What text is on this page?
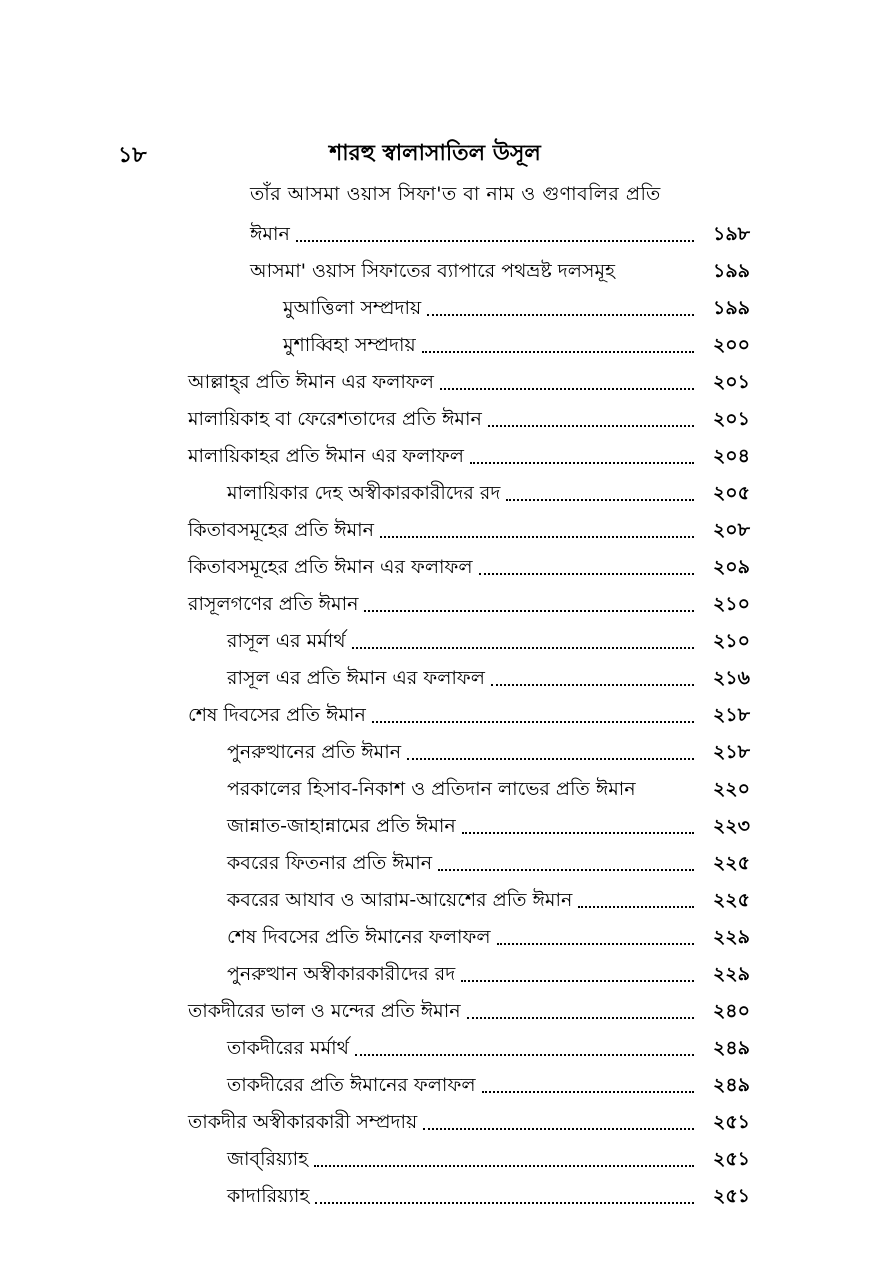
১৮	শারহু স্বালাসাতিল উসূল
তাঁর আসমা ওয়াস সিফা'ত বা নাম ও গুণাবলির প্রতি
ঈমান	১৯৮
আসমা' ওয়াস সিফাতের ব্যাপারে পথভ্রষ্ট দলসমূহ	১৯৯
মুআত্তিলা সম্প্রদায়	১৯৯
মুশাব্বিহা সম্প্রদায়	২০০
আল্লাহ্‌র প্রতি ঈমান এর ফলাফল	২০১
মালায়িকাহ বা ফেরেশতাদের প্রতি ঈমান	২০১
মালায়িকাহর প্রতি ঈমান এর ফলাফল	২০৪
মালায়িকার দেহ অস্বীকারকারীদের রদ	২০৫
কিতাবসমূহের প্রতি ঈমান	২০৮
কিতাবসমূহের প্রতি ঈমান এর ফলাফল	২০৯
রাসূলগণের প্রতি ঈমান	২১০
রাসূল এর মর্মার্থ	২১০
রাসূল এর প্রতি ঈমান এর ফলাফল	২১৬
শেষ দিবসের প্রতি ঈমান	২১৮
পুনরুত্থানের প্রতি ঈমান	২১৮
পরকালের হিসাব-নিকাশ ও প্রতিদান লাভের প্রতি ঈমান	২২০
জান্নাত-জাহান্নামের প্রতি ঈমান	২২৩
কবরের ফিতনার প্রতি ঈমান	২২৫
কবরের আযাব ও আরাম-আয়েশের প্রতি ঈমান	২২৫
শেষ দিবসের প্রতি ঈমানের ফলাফল	২২৯
পুনরুত্থান অস্বীকারকারীদের রদ	২২৯
তাকদীরের ভাল ও মন্দের প্রতি ঈমান	২৪০
তাকদীরের মর্মার্থ	২৪৯
তাকদীরের প্রতি ঈমানের ফলাফল	২৪৯
তাকদীর অস্বীকারকারী সম্প্রদায়	২৫১
জাব্‌রিয়্যাহ	২৫১
কাদারিয়্যাহ	২৫১
